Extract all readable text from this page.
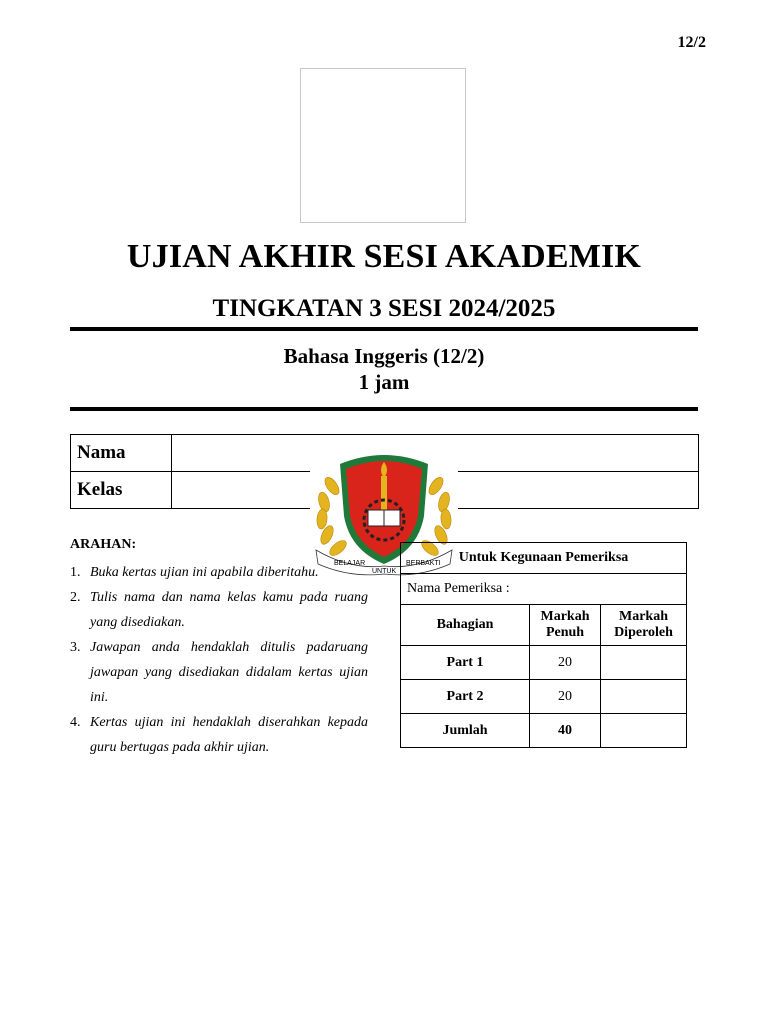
12/2
UJIAN AKHIR SESI AKADEMIK
TINGKATAN 3 SESI 2024/2025
Bahasa Inggeris (12/2)
1 jam
Nama	
Kelas	
BELAJAR
UNTUK
BERBAKTI
ARAHAN:
1. Buka kertas ujian ini apabila diberitahu.
2. Tulis nama dan nama kelas kamu pada ruang yang disediakan.
3. Jawapan anda hendaklah ditulis padaruang jawapan yang disediakan didalam kertas ujian ini.
4. Kertas ujian ini hendaklah diserahkan kepada guru bertugas pada akhir ujian.
Untuk Kegunaan Pemeriksa		
Nama Pemeriksa :		
Bahagian	Markah Penuh	Markah Diperoleh
Part 1	20	
Part 2	20	
Jumlah	40	
